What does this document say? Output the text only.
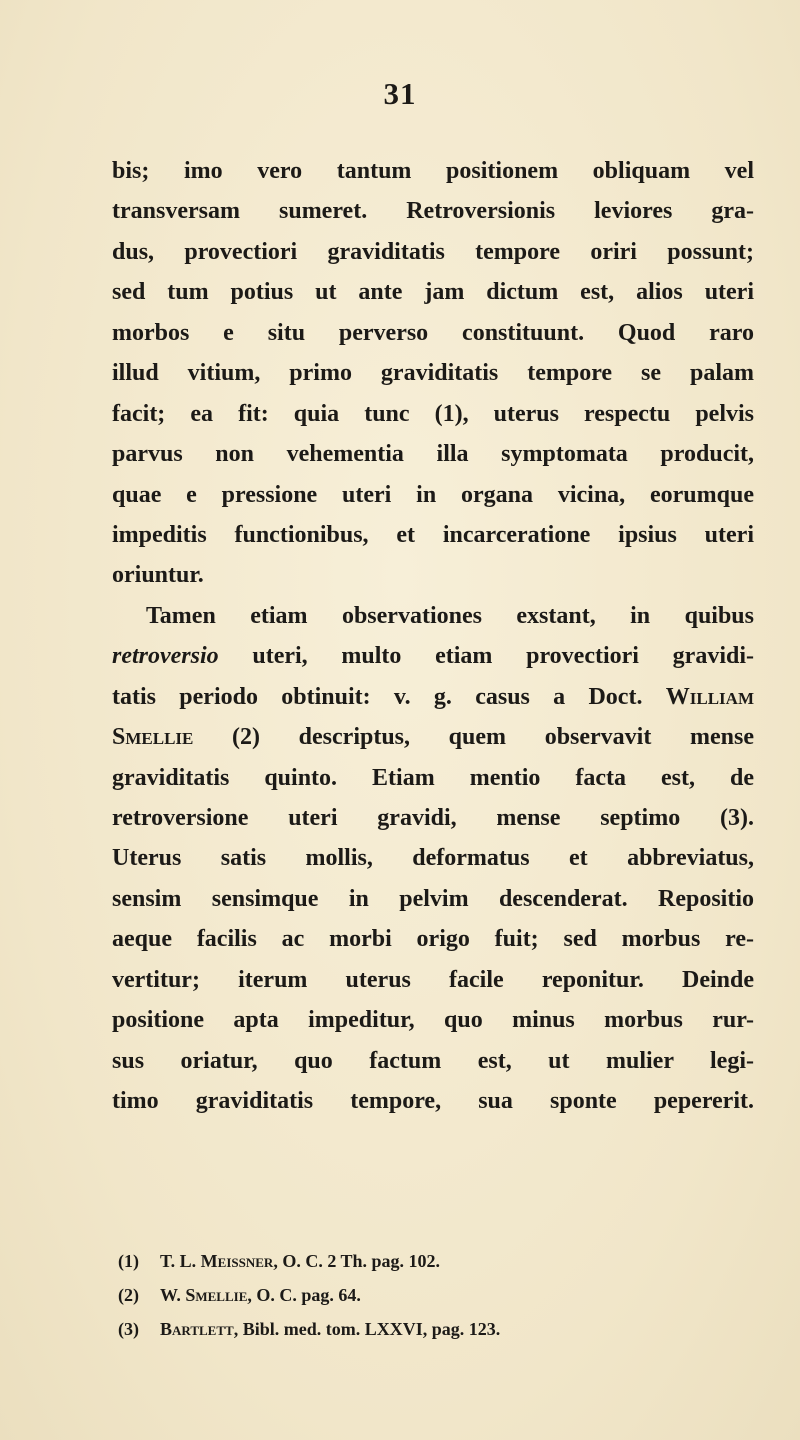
31
bis; imo vero tantum positionem obliquam vel
transversam sumeret. Retroversionis leviores gra-
dus, provectiori graviditatis tempore oriri possunt;
sed tum potius ut ante jam dictum est, alios uteri
morbos e situ perverso constituunt. Quod raro
illud vitium, primo graviditatis tempore se palam
facit; ea fit: quia tunc (1), uterus respectu pelvis
parvus non vehementia illa symptomata producit,
quae e pressione uteri in organa vicina, eorumque
impeditis functionibus, et incarceratione ipsius uteri
oriuntur.
Tamen etiam observationes exstant, in quibus
retroversio uteri, multo etiam provectiori gravidi-
tatis periodo obtinuit: v. g. casus a Doct. William
Smellie (2) descriptus, quem observavit mense
graviditatis quinto. Etiam mentio facta est, de
retroversione uteri gravidi, mense septimo (3).
Uterus satis mollis, deformatus et abbreviatus,
sensim sensimque in pelvim descenderat. Repositio
aeque facilis ac morbi origo fuit; sed morbus re-
vertitur; iterum uterus facile reponitur. Deinde
positione apta impeditur, quo minus morbus rur-
sus oriatur, quo factum est, ut mulier legi-
timo graviditatis tempore, sua sponte pepererit.
(1) T. L. Meissner, O. C. 2 Th. pag. 102.
(2) W. Smellie, O. C. pag. 64.
(3) Bartlett, Bibl. med. tom. LXXVI, pag. 123.
